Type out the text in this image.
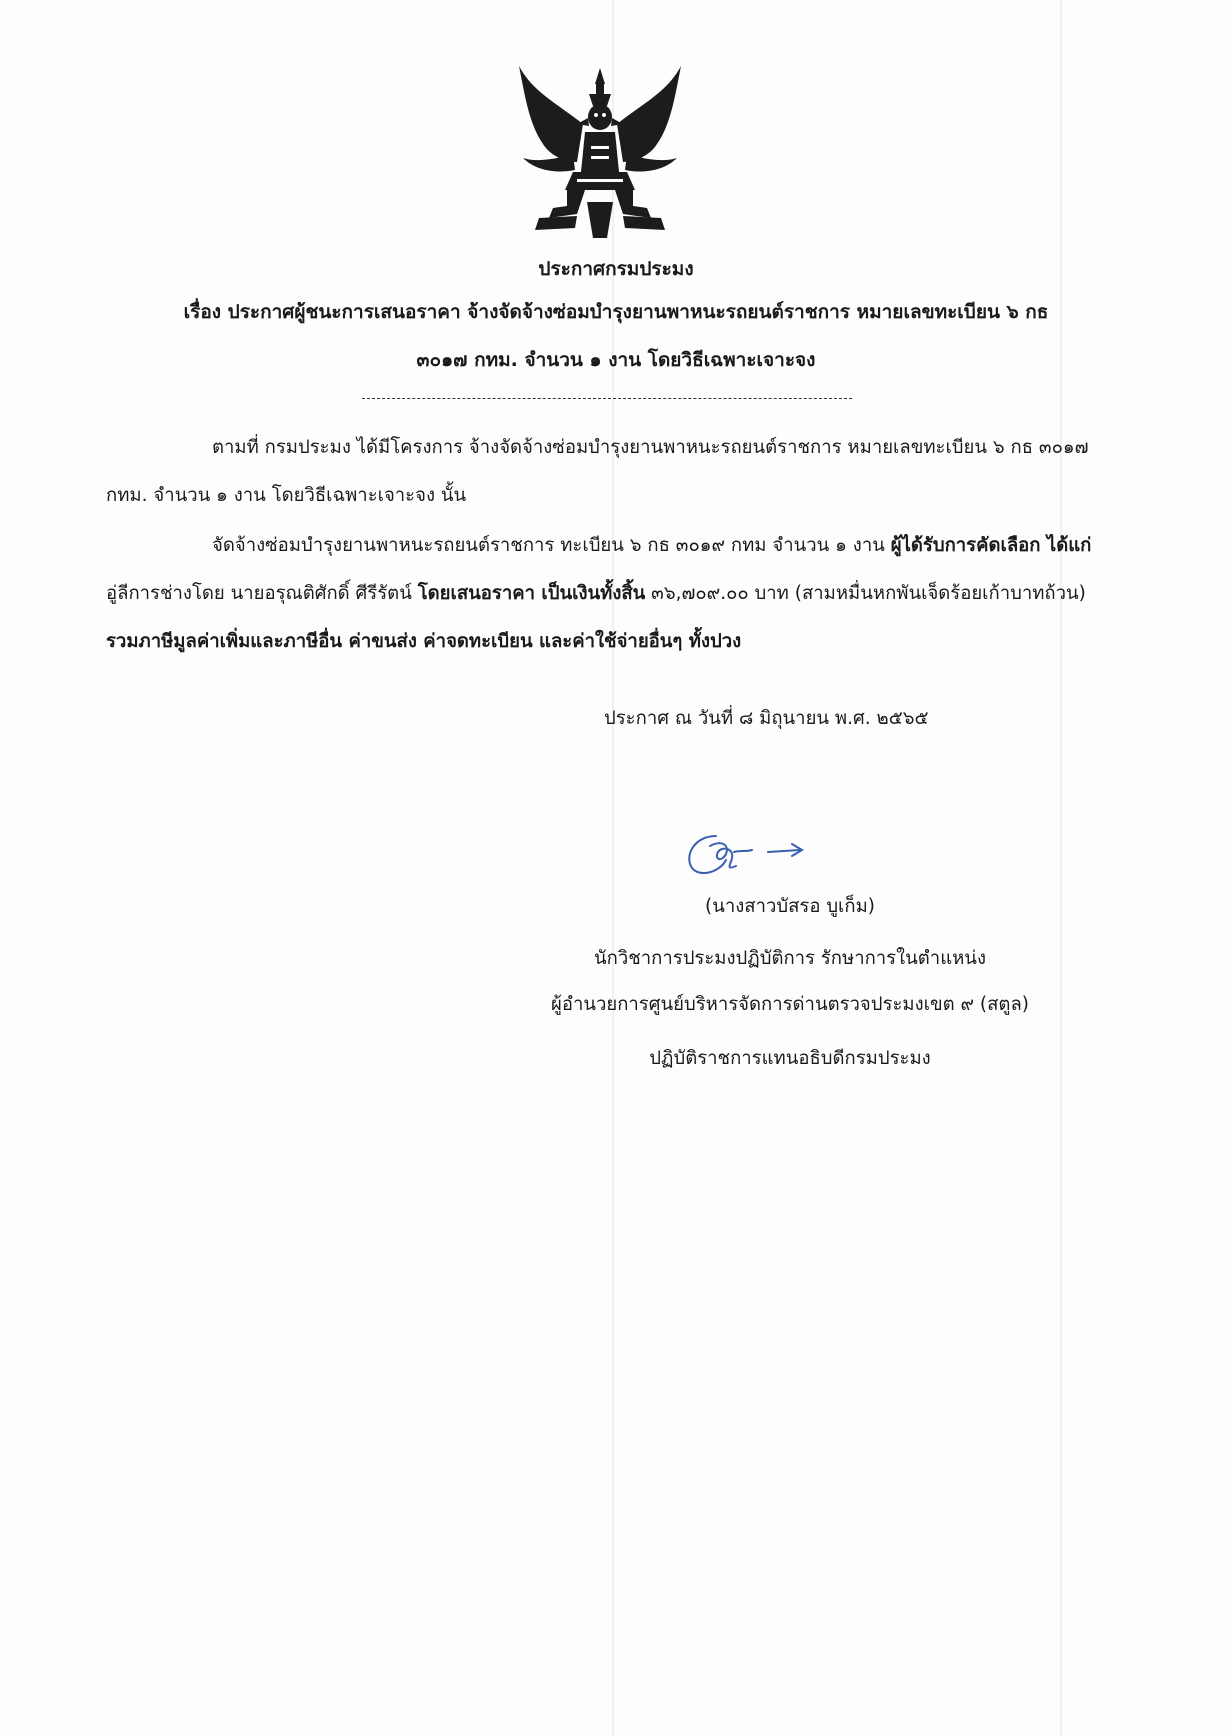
ประกาศกรมประมง
เรื่อง ประกาศผู้ชนะการเสนอราคา จ้างจัดจ้างซ่อมบำรุงยานพาหนะรถยนต์ราชการ หมายเลขทะเบียน ๖ กธ
๓๐๑๗ กทม. จำนวน ๑ งาน โดยวิธีเฉพาะเจาะจง
ตามที่ กรมประมง ได้มีโครงการ จ้างจัดจ้างซ่อมบำรุงยานพาหนะรถยนต์ราชการ หมายเลขทะเบียน ๖ กธ ๓๐๑๗ กทม. จำนวน ๑ งาน โดยวิธีเฉพาะเจาะจง นั้น
จัดจ้างซ่อมบำรุงยานพาหนะรถยนต์ราชการ ทะเบียน ๖ กธ ๓๐๑๙ กทม จำนวน ๑ งาน ผู้ได้รับการคัดเลือก ได้แก่ อู่ลีการช่างโดย นายอรุณติศักดิ์ ศีรีรัตน์ โดยเสนอราคา เป็นเงินทั้งสิ้น ๓๖,๗๐๙.๐๐ บาท (สามหมื่นหกพันเจ็ดร้อยเก้าบาทถ้วน) รวมภาษีมูลค่าเพิ่มและภาษีอื่น ค่าขนส่ง ค่าจดทะเบียน และค่าใช้จ่ายอื่นๆ ทั้งปวง
ประกาศ ณ วันที่ ๘ มิถุนายน พ.ศ. ๒๕๖๕
(นางสาวบัสรอ บูเก็ม)
นักวิชาการประมงปฏิบัติการ รักษาการในตำแหน่ง
ผู้อำนวยการศูนย์บริหารจัดการด่านตรวจประมงเขต ๙ (สตูล)
ปฏิบัติราชการแทนอธิบดีกรมประมง
